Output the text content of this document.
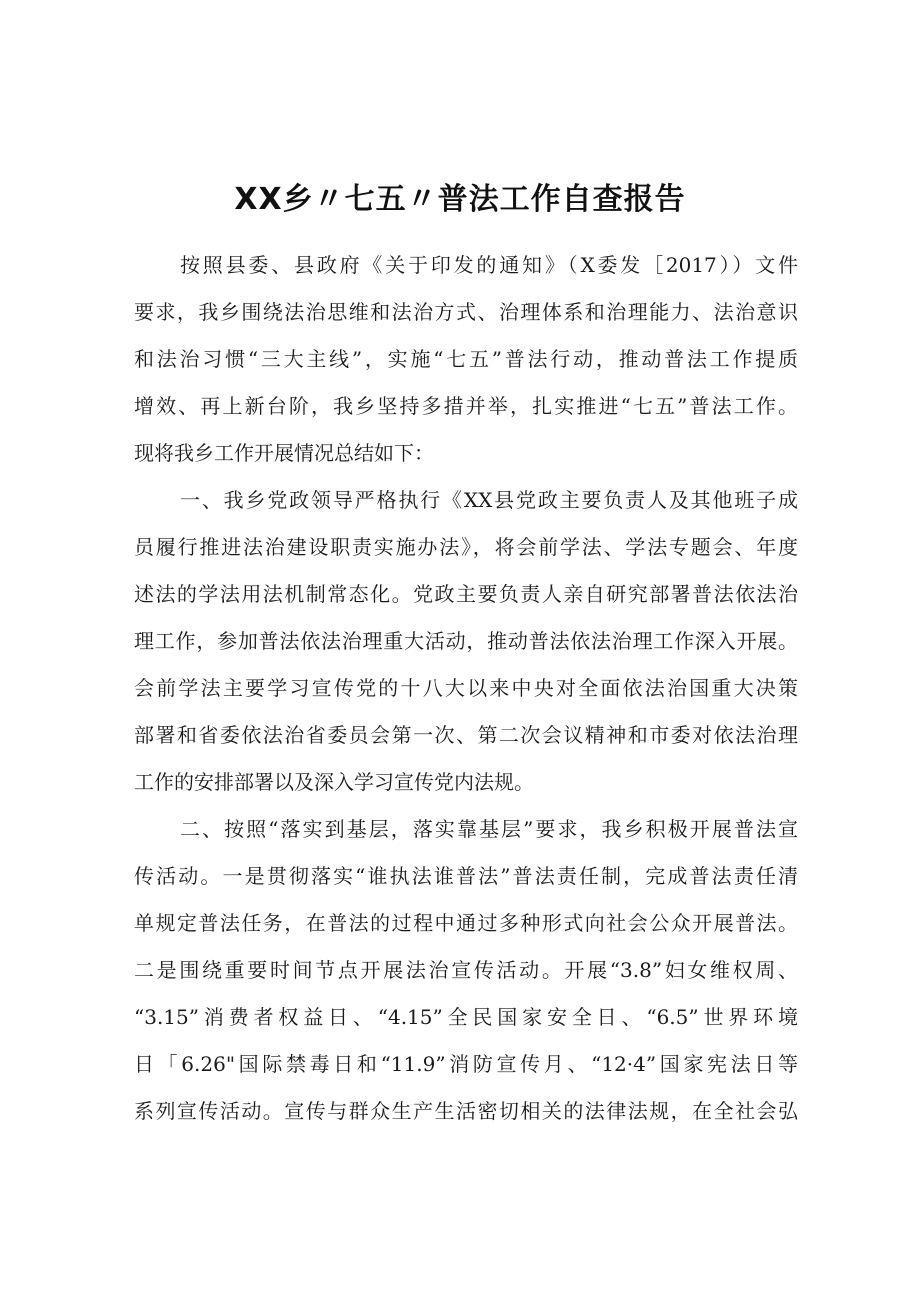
XX乡〃七五〃普法工作自查报告
按照县委、县政府《关于印发的通知》（X委发［2017））文件
要求，我乡围绕法治思维和法治方式、治理体系和治理能力、法治意识
和法治习惯“三大主线”，实施“七五”普法行动，推动普法工作提质
增效、再上新台阶，我乡坚持多措并举，扎实推进“七五”普法工作。
现将我乡工作开展情况总结如下：
一、我乡党政领导严格执行《XX县党政主要负责人及其他班子成
员履行推进法治建设职责实施办法》，将会前学法、学法专题会、年度
述法的学法用法机制常态化。党政主要负责人亲自研究部署普法依法治
理工作，参加普法依法治理重大活动，推动普法依法治理工作深入开展。
会前学法主要学习宣传党的十八大以来中央对全面依法治国重大决策
部署和省委依法治省委员会第一次、第二次会议精神和市委对依法治理
工作的安排部署以及深入学习宣传党内法规。
二、按照“落实到基层，落实靠基层”要求，我乡积极开展普法宣
传活动。一是贯彻落实“谁执法谁普法”普法责任制，完成普法责任清
单规定普法任务，在普法的过程中通过多种形式向社会公众开展普法。
二是围绕重要时间节点开展法治宣传活动。开展“3.8”妇女维权周、
“3.15”消费者权益日、“4.15”全民国家安全日、“6.5”世界环境
日「6.26"国际禁毒日和“11.9”消防宣传月、“12·4”国家宪法日等
系列宣传活动。宣传与群众生产生活密切相关的法律法规，在全社会弘
